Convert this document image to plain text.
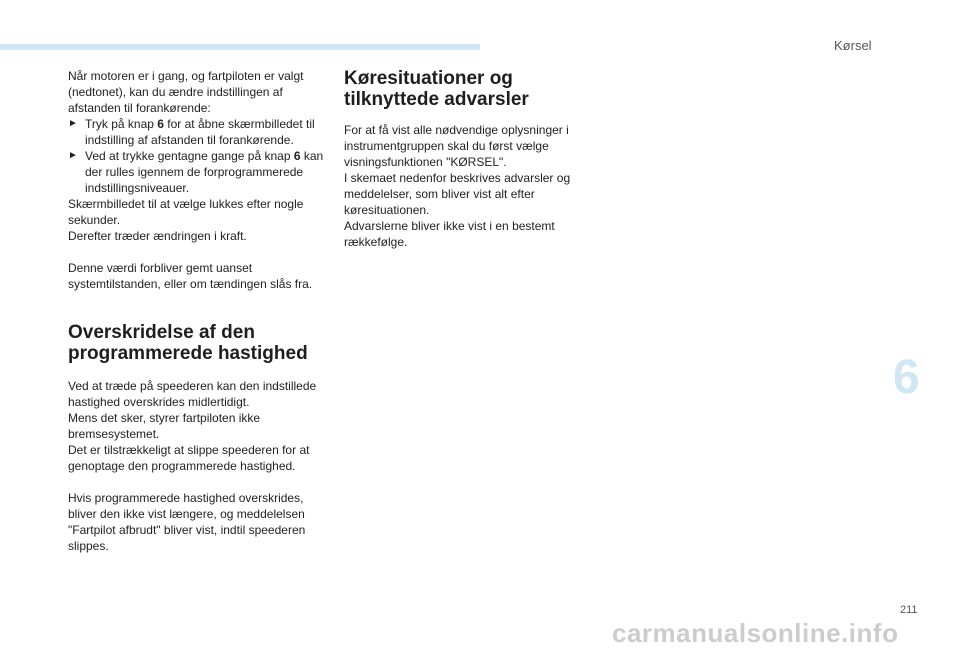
Kørsel
6

Når motoren er i gang, og fartpiloten er valgt (nedtonet), kan du ændre indstillingen af afstanden til forankørende:

► Tryk på knap 6 for at åbne skærmbilledet til indstilling af afstanden til forankørende.
► Ved at trykke gentagne gange på knap 6 kan der rulles igennem de forprogrammerede indstillingsniveauer.

Skærmbilledet til at vælge lukkes efter nogle sekunder.

Derefter træder ændringen i kraft.

Denne værdi forbliver gemt uanset systemtilstanden, eller om tændingen slås fra.

Overskridelse af den programmerede hastighed

Ved at træde på speederen kan den indstillede hastighed overskrides midlertidigt.

Mens det sker, styrer fartpiloten ikke bremsesystemet.

Det er tilstrækkeligt at slippe speederen for at genoptage den programmerede hastighed.

Hvis programmerede hastighed overskrides, bliver den ikke vist længere, og meddelelsen "Fartpilot afbrudt" bliver vist, indtil speederen slippes.

Køresituationer og tilknyttede advarsler

For at få vist alle nødvendige oplysninger i instrumentgruppen skal du først vælge visningsfunktionen "KØRSEL".

I skemaet nedenfor beskrives advarsler og meddelelser, som bliver vist alt efter køresituationen.

Advarslerne bliver ikke vist i en bestemt rækkefølge.

211
carmanualsonline.info
